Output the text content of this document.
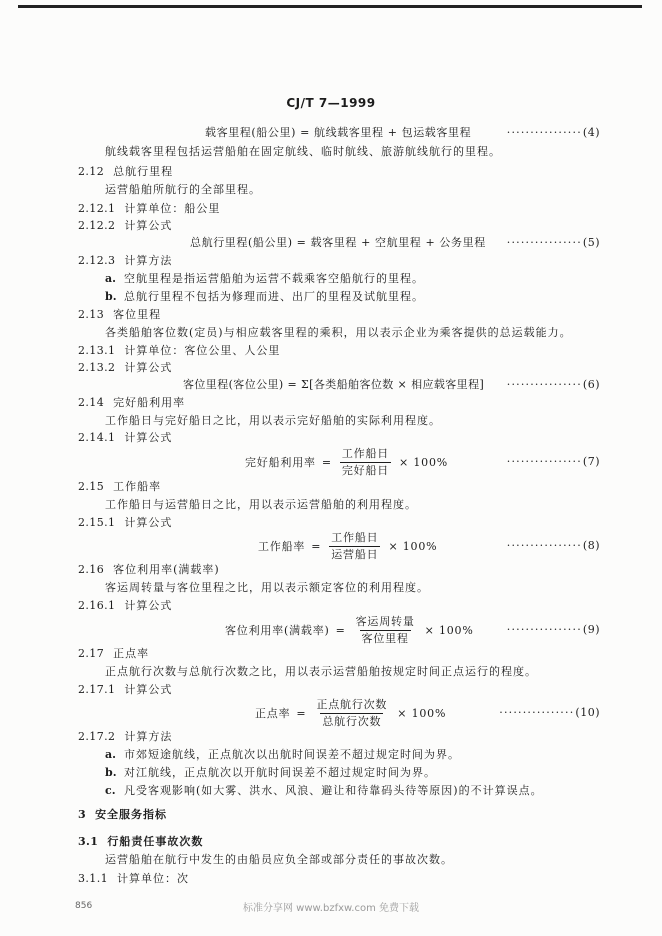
CJ/T 7—1999
载客里程(船公里) = 航线载客里程 + 包运载客里程	················ (4)
航线载客里程包括运营船舶在固定航线、临时航线、旅游航线航行的里程。
2.12 总航行里程
运营船舶所航行的全部里程。
2.12.1 计算单位：船公里
2.12.2 计算公式
总航行里程(船公里) = 载客里程 + 空航里程 + 公务里程 ················ (5)
2.12.3 计算方法
a. 空航里程是指运营船舶为运营不载乘客空船航行的里程。
b. 总航行里程不包括为修理而进、出厂的里程及试航里程。
2.13 客位里程
各类船舶客位数(定员)与相应载客里程的乘积，用以表示企业为乘客提供的总运载能力。
2.13.1 计算单位：客位公里、人公里
2.13.2 计算公式
客位里程(客位公里) = Σ[各类船舶客位数 × 相应载客里程] ················ (6)
2.14 完好船利用率
工作船日与完好船日之比，用以表示完好船舶的实际利用程度。
2.14.1 计算公式
完好船利用率 = $\frac{\text{工作船日}}{\text{完好船日}} \times 100\%$	················ (7)
2.15 工作船率
工作船日与运营船日之比，用以表示运营船舶的利用程度。
2.15.1 计算公式
工作船率 = $\frac{\text{工作船日}}{\text{运营船日}} \times 100\%$	················ (8)
2.16 客位利用率(满载率)
客运周转量与客位里程之比，用以表示额定客位的利用程度。
2.16.1 计算公式
客位利用率(满载率) = $\frac{\text{客运周转量}}{\text{客位里程}} \times 100\%$	················ (9)
2.17 正点率
正点航行次数与总航行次数之比，用以表示运营船舶按规定时间正点运行的程度。
2.17.1 计算公式
正点率 = $\frac{\text{正点航行次数}}{\text{总航行次数}} \times 100\%$	················ (10)
2.17.2 计算方法
a. 市郊短途航线，正点航次以出航时间误差不超过规定时间为界。
b. 对江航线，正点航次以开航时间误差不超过规定时间为界。
c. 凡受客观影响(如大雾、洪水、风浪、避让和待靠码头待等原因)的不计算误点。
3 安全服务指标
3.1 行船责任事故次数
运营船舶在航行中发生的由船员应负全部或部分责任的事故次数。
3.1.1 计算单位：次
856	标准分享网 www.bzfxw.com 免费下载
